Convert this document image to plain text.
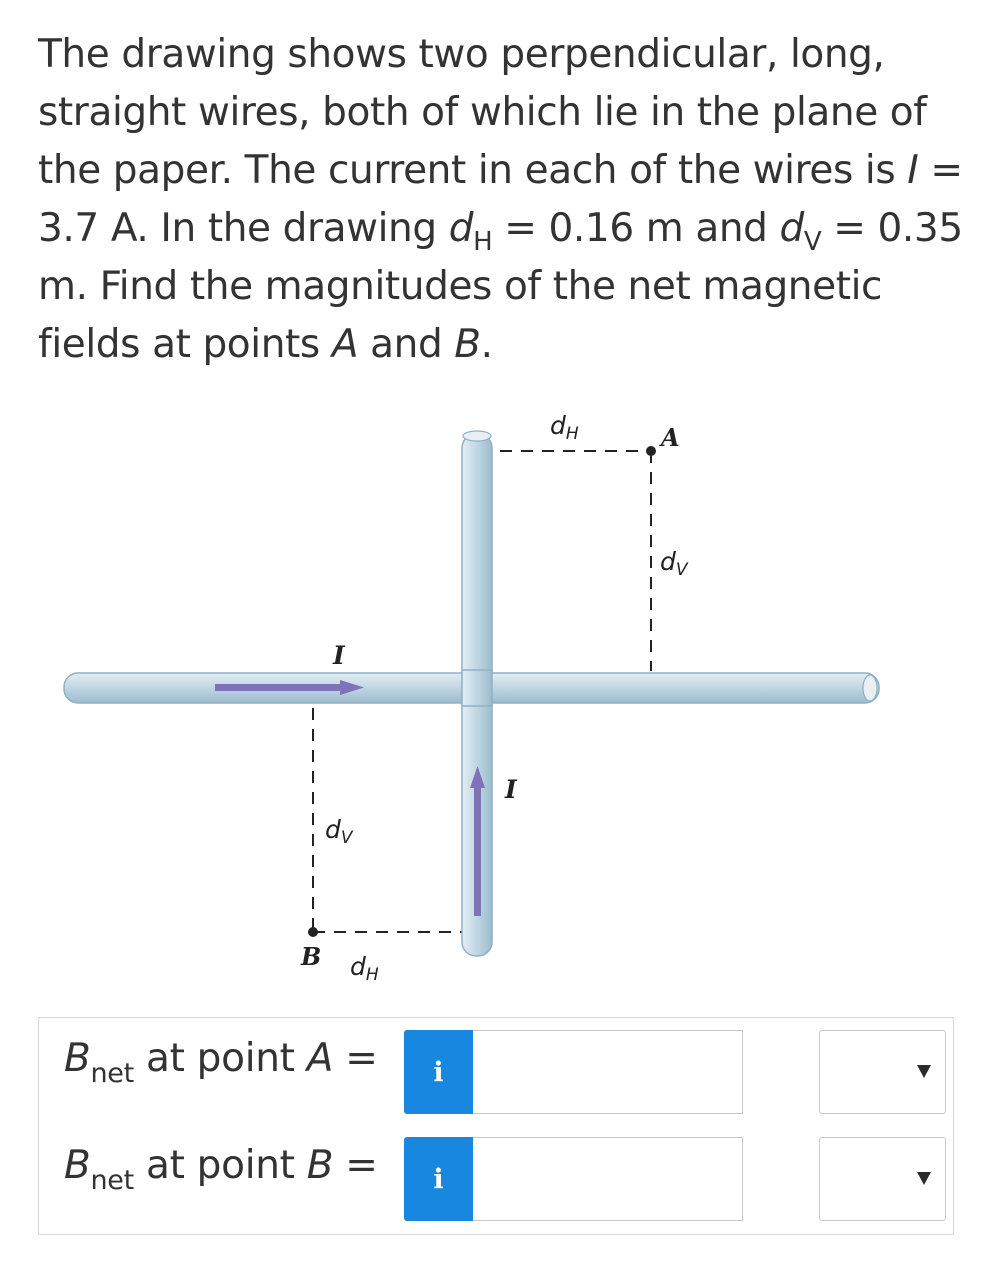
The drawing shows two perpendicular, long, straight wires, both of which lie in the plane of the paper. The current in each of the wires is I = 3.7 A. In the drawing $d_H = 0.16$ m and $d_V = 0.35$ m. Find the magnitudes of the net magnetic fields at points A and B.
I
I
A
B
$d_H$
$d_V$
$d_V$
$d_H$
$B_{net}$ at point A = i
$B_{net}$ at point B = i
